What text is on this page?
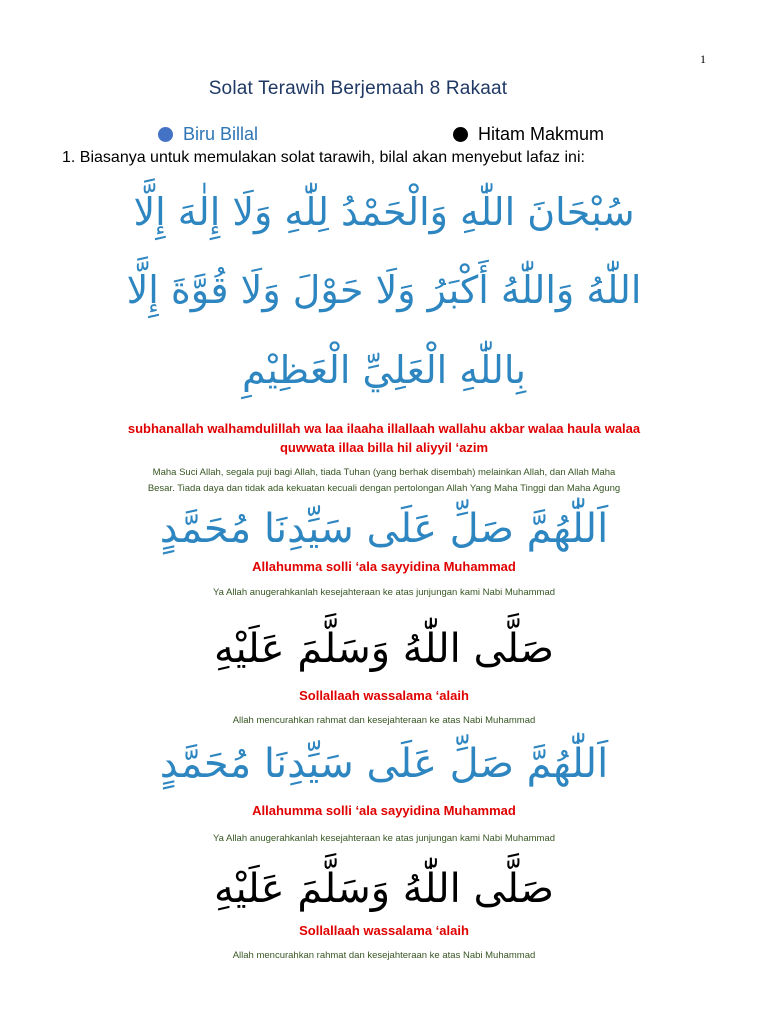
1
Solat Terawih Berjemaah 8 Rakaat
Biru Billal	Hitam Makmum
1. Biasanya untuk memulakan solat tarawih, bilal akan menyebut lafaz ini:
سُبْحَانَ اللّٰهِ وَالْحَمْدُ لِلّٰهِ وَلَا إِلٰهَ إِلَّا
اللّٰهُ وَاللّٰهُ أَكْبَرُ وَلَا حَوْلَ وَلَا قُوَّةَ إِلَّا
بِاللّٰهِ الْعَلِيِّ الْعَظِيْمِ
subhanallah walhamdulillah wa laa ilaaha illallaah wallahu akbar walaa haula walaa
quwwata illaa billa hil aliyyil ‘azim
Maha Suci Allah, segala puji bagi Allah, tiada Tuhan (yang berhak disembah) melainkan Allah, dan Allah Maha
Besar. Tiada daya dan tidak ada kekuatan kecuali dengan pertolongan Allah Yang Maha Tinggi dan Maha Agung
اَللّٰهُمَّ صَلِّ عَلَى سَيِّدِنَا مُحَمَّدٍ
Allahumma solli ‘ala sayyidina Muhammad
Ya Allah anugerahkanlah kesejahteraan ke atas junjungan kami Nabi Muhammad
صَلَّى اللّٰهُ وَسَلَّمَ عَلَيْهِ
Sollallaah wassalama ‘alaih
Allah mencurahkan rahmat dan kesejahteraan ke atas Nabi Muhammad
اَللّٰهُمَّ صَلِّ عَلَى سَيِّدِنَا مُحَمَّدٍ
Allahumma solli ‘ala sayyidina Muhammad
Ya Allah anugerahkanlah kesejahteraan ke atas junjungan kami Nabi Muhammad
صَلَّى اللّٰهُ وَسَلَّمَ عَلَيْهِ
Sollallaah wassalama ‘alaih
Allah mencurahkan rahmat dan kesejahteraan ke atas Nabi Muhammad
